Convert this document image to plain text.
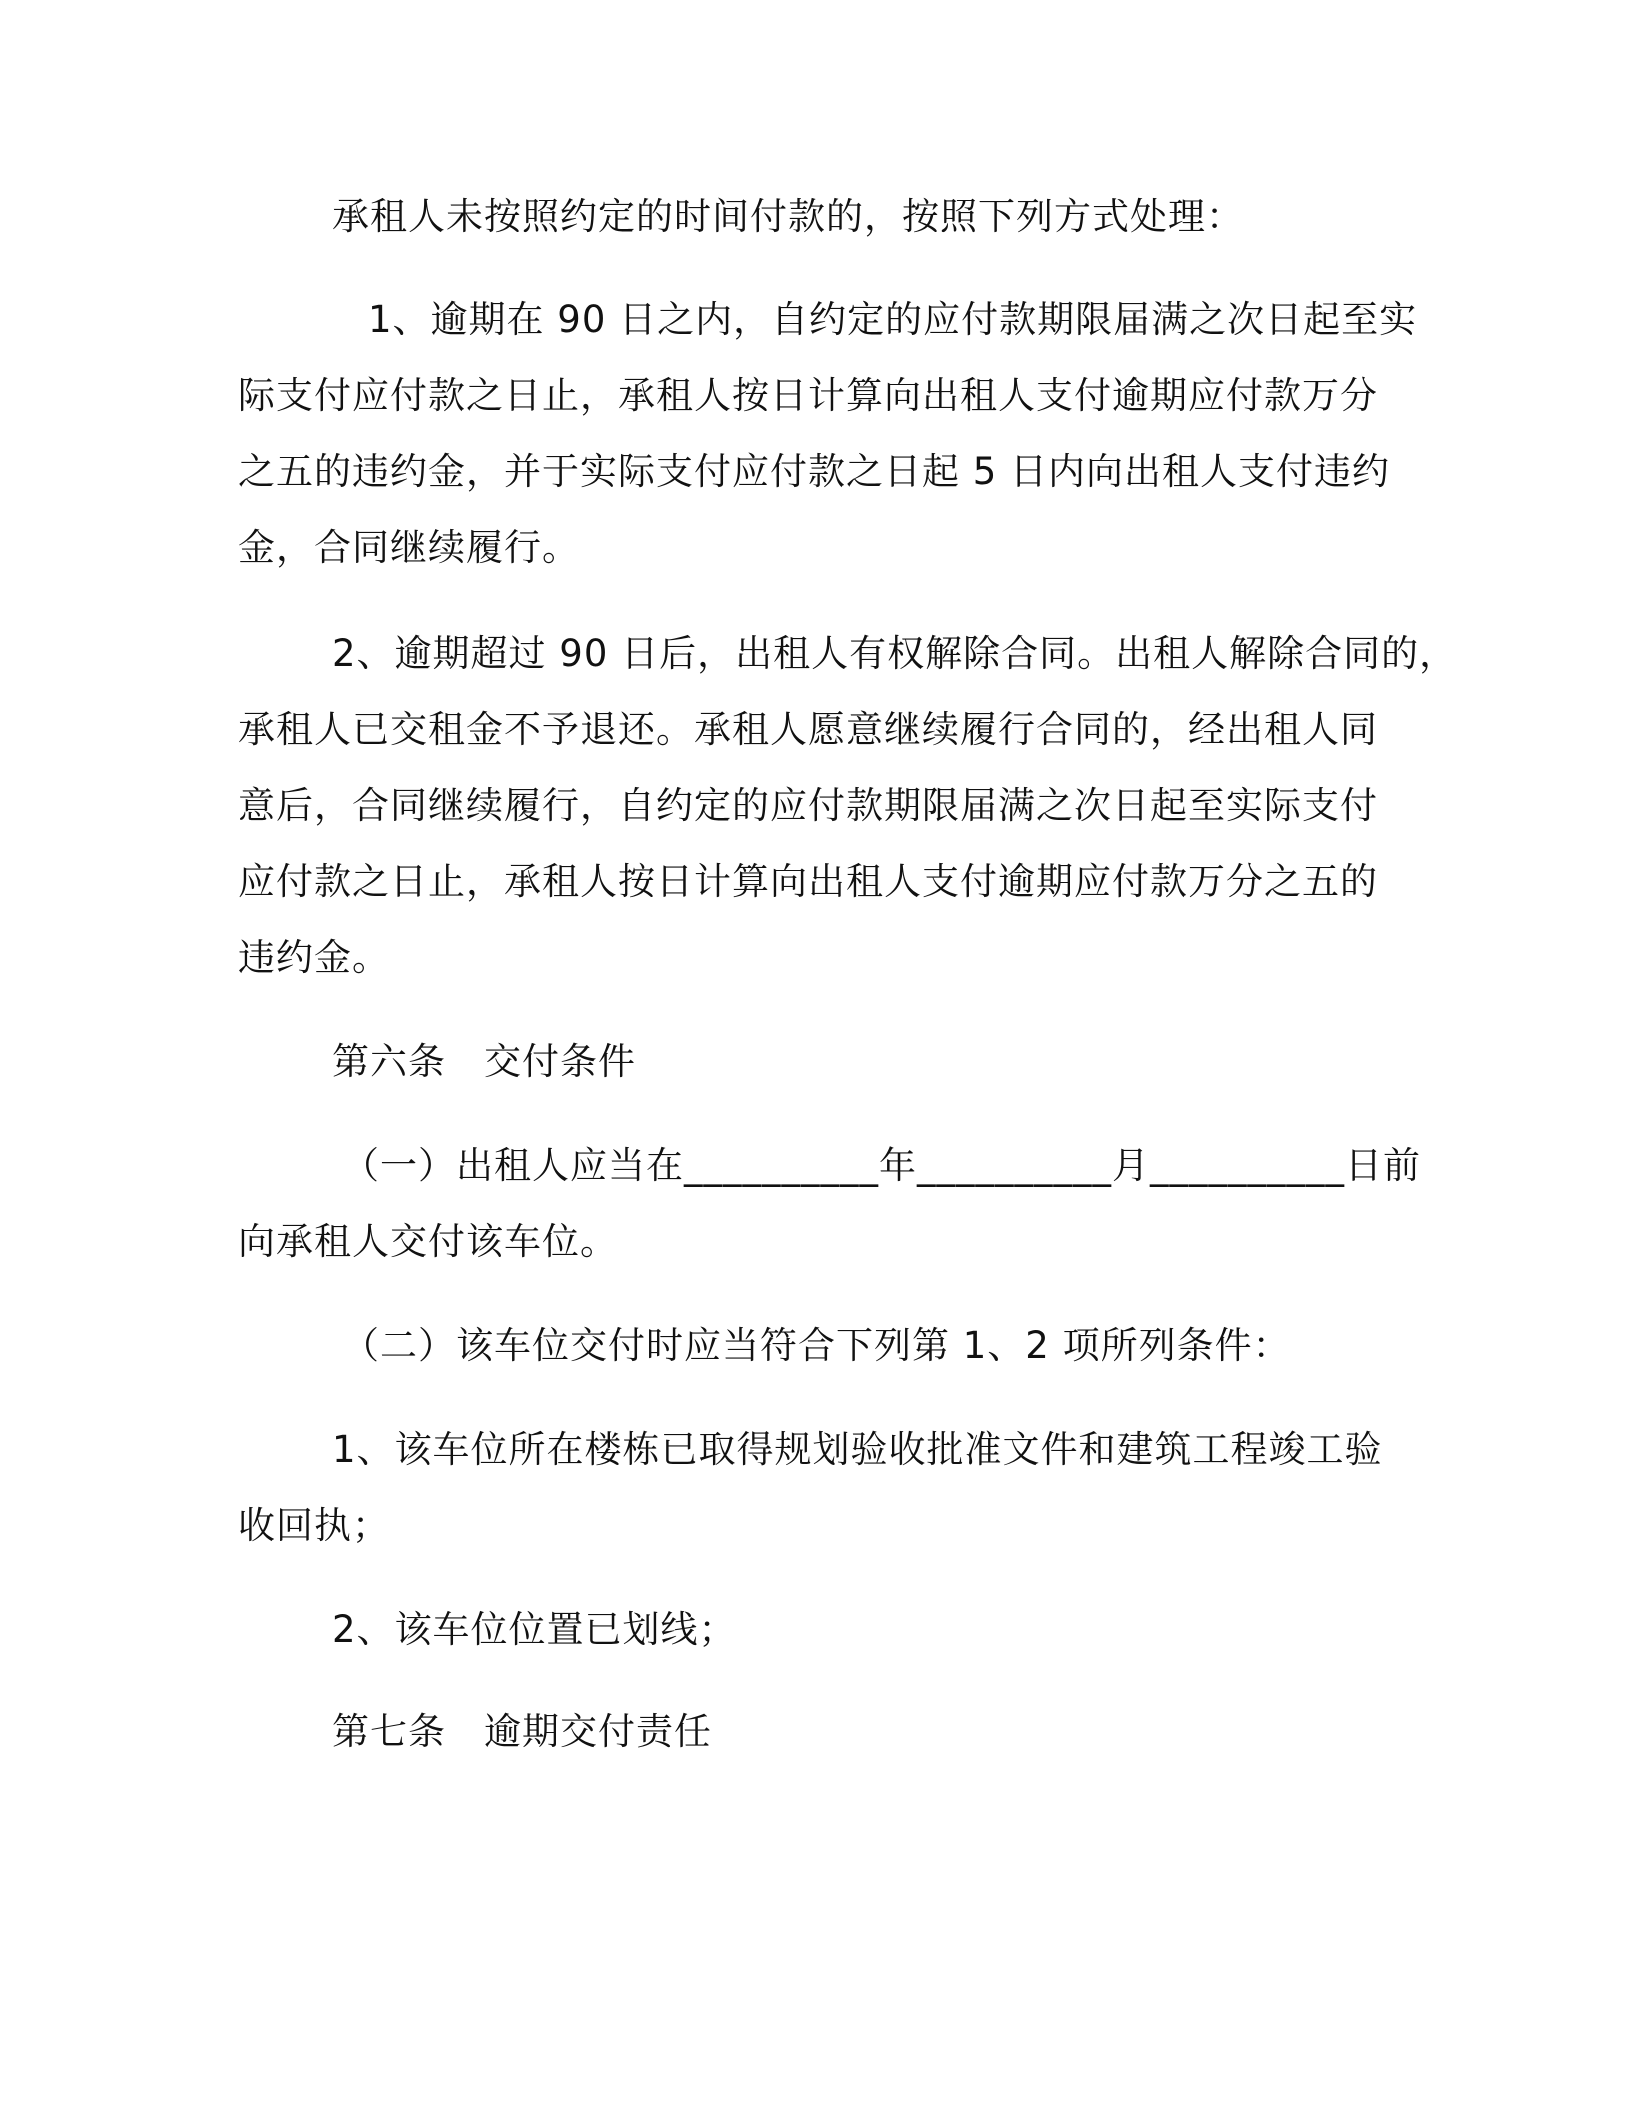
承租人未按照约定的时间付款的，按照下列方式处理：
1、逾期在 90 日之内，自约定的应付款期限届满之次日起至实
际支付应付款之日止，承租人按日计算向出租人支付逾期应付款万分
之五的违约金，并于实际支付应付款之日起 5 日内向出租人支付违约
金，合同继续履行。
2、逾期超过 90 日后，出租人有权解除合同。出租人解除合同的，
承租人已交租金不予退还。承租人愿意继续履行合同的，经出租人同
意后，合同继续履行，自约定的应付款期限届满之次日起至实际支付
应付款之日止，承租人按日计算向出租人支付逾期应付款万分之五的
违约金。
第六条　交付条件
（一）出租人应当在__________年__________月__________日前
向承租人交付该车位。
（二）该车位交付时应当符合下列第 1、2 项所列条件：
1、该车位所在楼栋已取得规划验收批准文件和建筑工程竣工验
收回执；
2、该车位位置已划线；
第七条　逾期交付责任
